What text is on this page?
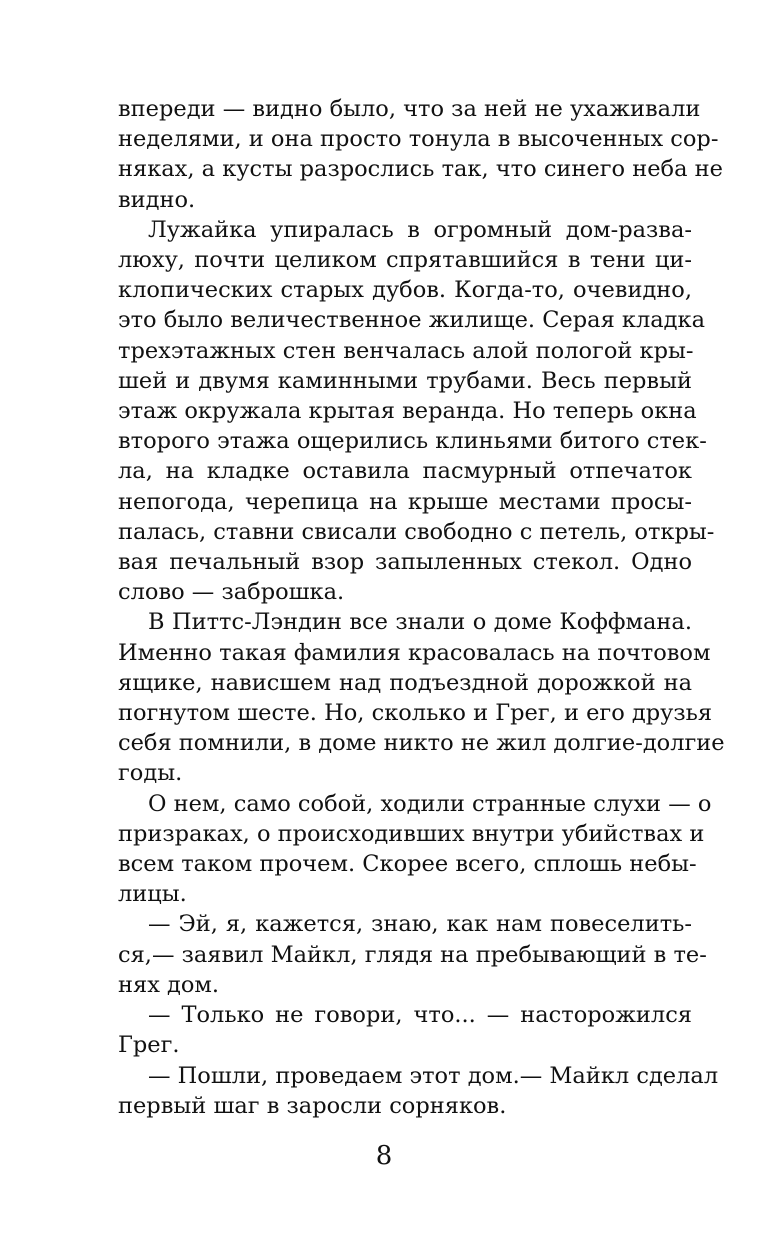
впереди — видно было, что за ней не ухаживали
неделями, и она просто тонула в высоченных сор-
няках, а кусты разрослись так, что синего неба не
видно.

Лужайка упиралась в огромный дом-разва-
люху, почти целиком спрятавшийся в тени ци-
клопических старых дубов. Когда-то, очевидно,
это было величественное жилище. Серая кладка
трехэтажных стен венчалась алой пологой кры-
шей и двумя каминными трубами. Весь первый
этаж окружала крытая веранда. Но теперь окна
второго этажа ощерились клиньями битого стек-
ла, на кладке оставила пасмурный отпечаток
непогода, черепица на крыше местами просы-
палась, ставни свисали свободно с петель, откры-
вая печальный взор запыленных стекол. Одно
слово — заброшка.

В Питтс-Лэндин все знали о доме Коффмана.
Именно такая фамилия красовалась на почтовом
ящике, нависшем над подъездной дорожкой на
погнутом шесте. Но, сколько и Грег, и его друзья
себя помнили, в доме никто не жил долгие-долгие
годы.

О нем, само собой, ходили странные слухи — о
призраках, о происходивших внутри убийствах и
всем таком прочем. Скорее всего, сплошь небы-
лицы.

— Эй, я, кажется, знаю, как нам повеселить-
ся,— заявил Майкл, глядя на пребывающий в те-
нях дом.

— Только не говори, что... — насторожился
Грег.

— Пошли, проведаем этот дом.— Майкл сделал
первый шаг в заросли сорняков.

8
